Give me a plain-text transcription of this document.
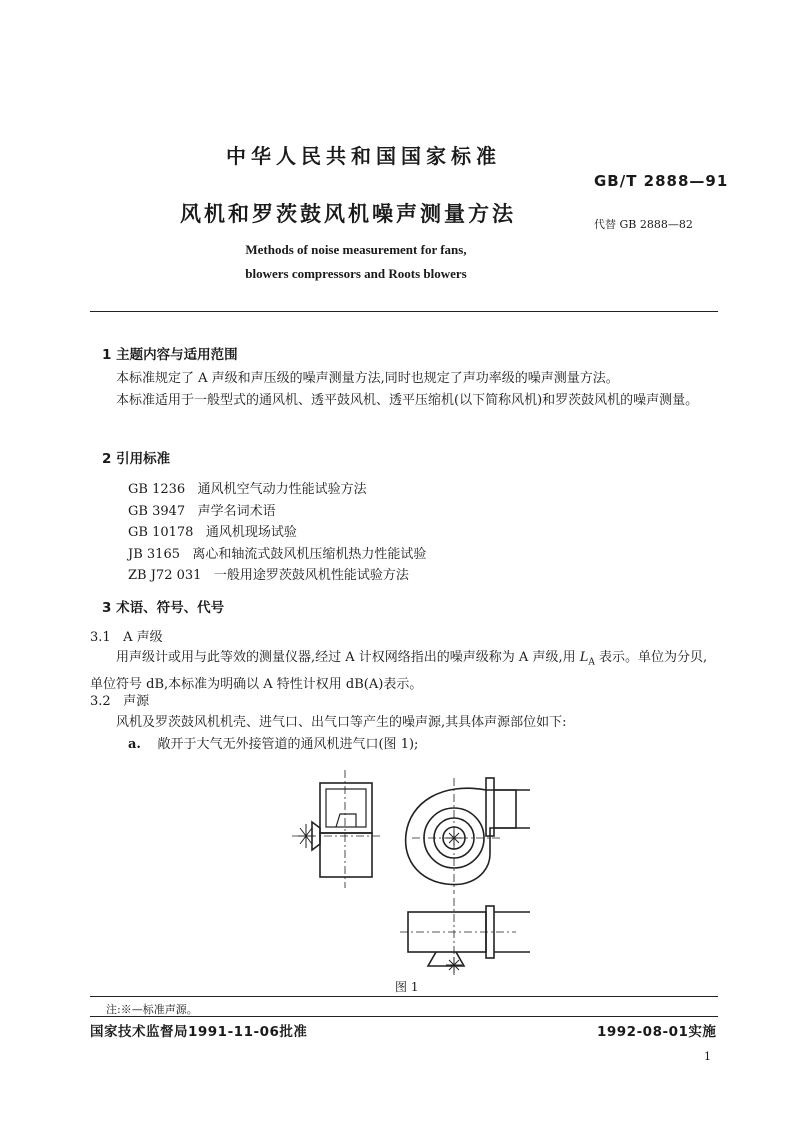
中华人民共和国国家标准
GB/T 2888—91
风机和罗茨鼓风机噪声测量方法	代替 GB 2888—82
Methods of noise measurement for fans,
blowers compressors and Roots blowers
1 主题内容与适用范围
本标准规定了 A 声级和声压级的噪声测量方法,同时也规定了声功率级的噪声测量方法。
本标准适用于一般型式的通风机、透平鼓风机、透平压缩机(以下简称风机)和罗茨鼓风机的噪声测量。
2 引用标准
GB 1236 通风机空气动力性能试验方法
GB 3947 声学名词术语
GB 10178 通风机现场试验
JB 3165 离心和轴流式鼓风机压缩机热力性能试验
ZB J72 031 一般用途罗茨鼓风机性能试验方法
3 术语、符号、代号
3.1 A 声级
用声级计或用与此等效的测量仪器,经过 A 计权网络指出的噪声级称为 A 声级,用 $L_A$ 表示。单位为分贝,单位符号 dB,本标准为明确以 A 特性计权用 dB(A)表示。
3.2 声源
风机及罗茨鼓风机机壳、进气口、出气口等产生的噪声源,其具体声源部位如下:
a. 敞开于大气无外接管道的通风机进气口(图 1);
图 1
注:※—标准声源。
国家技术监督局1991-11-06批准	1992-08-01实施
1
